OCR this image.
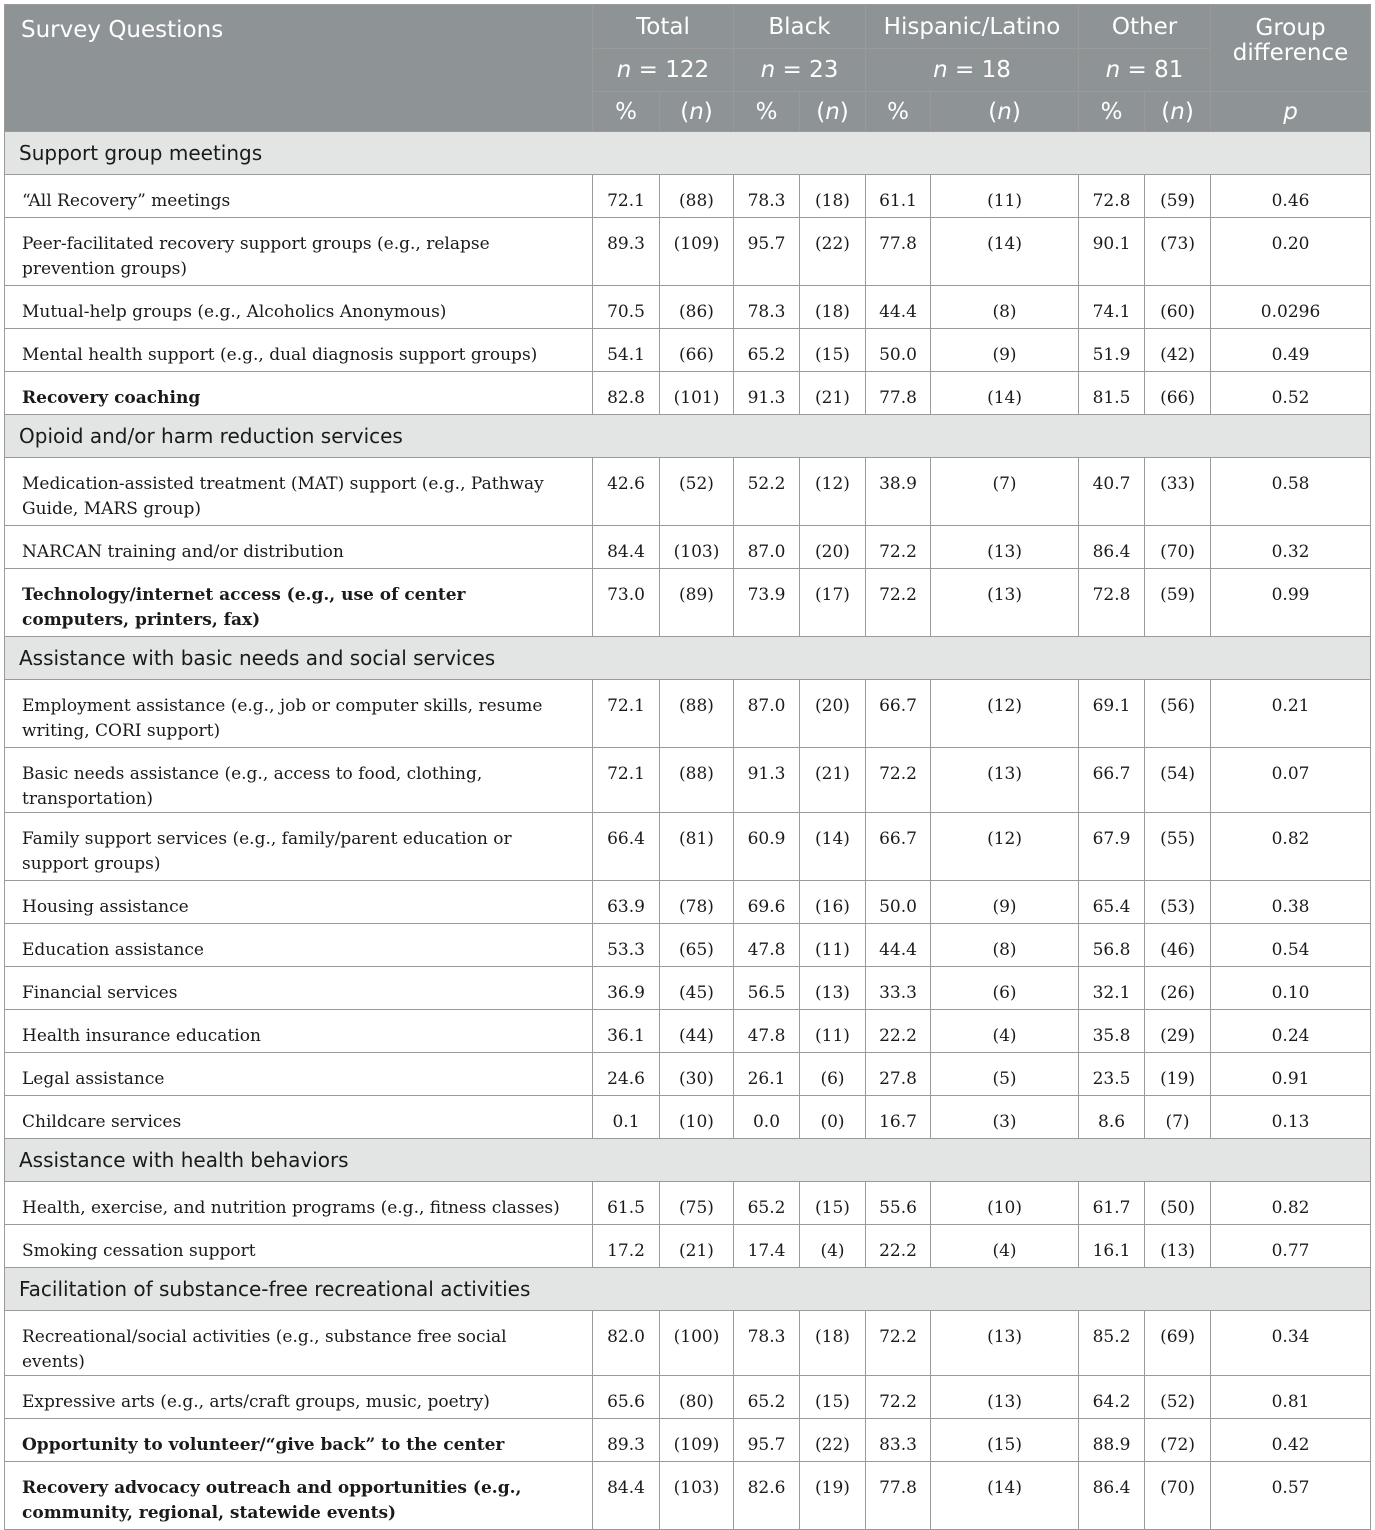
Survey Questions	Total		Black		Hispanic/Latino		Other		Group difference
	n = 122		n = 23		n = 18		n = 81		
	%	(n)	%	(n)	%	(n)	%	(n)	p
Support group meetings									
“All Recovery” meetings	72.1	(88)	78.3	(18)	61.1	(11)	72.8	(59)	0.46
Peer-facilitated recovery support groups (e.g., relapse prevention groups)	89.3	(109)	95.7	(22)	77.8	(14)	90.1	(73)	0.20
Mutual-help groups (e.g., Alcoholics Anonymous)	70.5	(86)	78.3	(18)	44.4	(8)	74.1	(60)	0.0296
Mental health support (e.g., dual diagnosis support groups)	54.1	(66)	65.2	(15)	50.0	(9)	51.9	(42)	0.49
Recovery coaching	82.8	(101)	91.3	(21)	77.8	(14)	81.5	(66)	0.52
Opioid and/or harm reduction services									
Medication-assisted treatment (MAT) support (e.g., Pathway Guide, MARS group)	42.6	(52)	52.2	(12)	38.9	(7)	40.7	(33)	0.58
NARCAN training and/or distribution	84.4	(103)	87.0	(20)	72.2	(13)	86.4	(70)	0.32
Technology/internet access (e.g., use of center computers, printers, fax)	73.0	(89)	73.9	(17)	72.2	(13)	72.8	(59)	0.99
Assistance with basic needs and social services									
Employment assistance (e.g., job or computer skills, resume writing, CORI support)	72.1	(88)	87.0	(20)	66.7	(12)	69.1	(56)	0.21
Basic needs assistance (e.g., access to food, clothing, transportation)	72.1	(88)	91.3	(21)	72.2	(13)	66.7	(54)	0.07
Family support services (e.g., family/parent education or support groups)	66.4	(81)	60.9	(14)	66.7	(12)	67.9	(55)	0.82
Housing assistance	63.9	(78)	69.6	(16)	50.0	(9)	65.4	(53)	0.38
Education assistance	53.3	(65)	47.8	(11)	44.4	(8)	56.8	(46)	0.54
Financial services	36.9	(45)	56.5	(13)	33.3	(6)	32.1	(26)	0.10
Health insurance education	36.1	(44)	47.8	(11)	22.2	(4)	35.8	(29)	0.24
Legal assistance	24.6	(30)	26.1	(6)	27.8	(5)	23.5	(19)	0.91
Childcare services	0.1	(10)	0.0	(0)	16.7	(3)	8.6	(7)	0.13
Assistance with health behaviors									
Health, exercise, and nutrition programs (e.g., fitness classes)	61.5	(75)	65.2	(15)	55.6	(10)	61.7	(50)	0.82
Smoking cessation support	17.2	(21)	17.4	(4)	22.2	(4)	16.1	(13)	0.77
Facilitation of substance-free recreational activities									
Recreational/social activities (e.g., substance free social events)	82.0	(100)	78.3	(18)	72.2	(13)	85.2	(69)	0.34
Expressive arts (e.g., arts/craft groups, music, poetry)	65.6	(80)	65.2	(15)	72.2	(13)	64.2	(52)	0.81
Opportunity to volunteer/“give back” to the center	89.3	(109)	95.7	(22)	83.3	(15)	88.9	(72)	0.42
Recovery advocacy outreach and opportunities (e.g., community, regional, statewide events)	84.4	(103)	82.6	(19)	77.8	(14)	86.4	(70)	0.57
